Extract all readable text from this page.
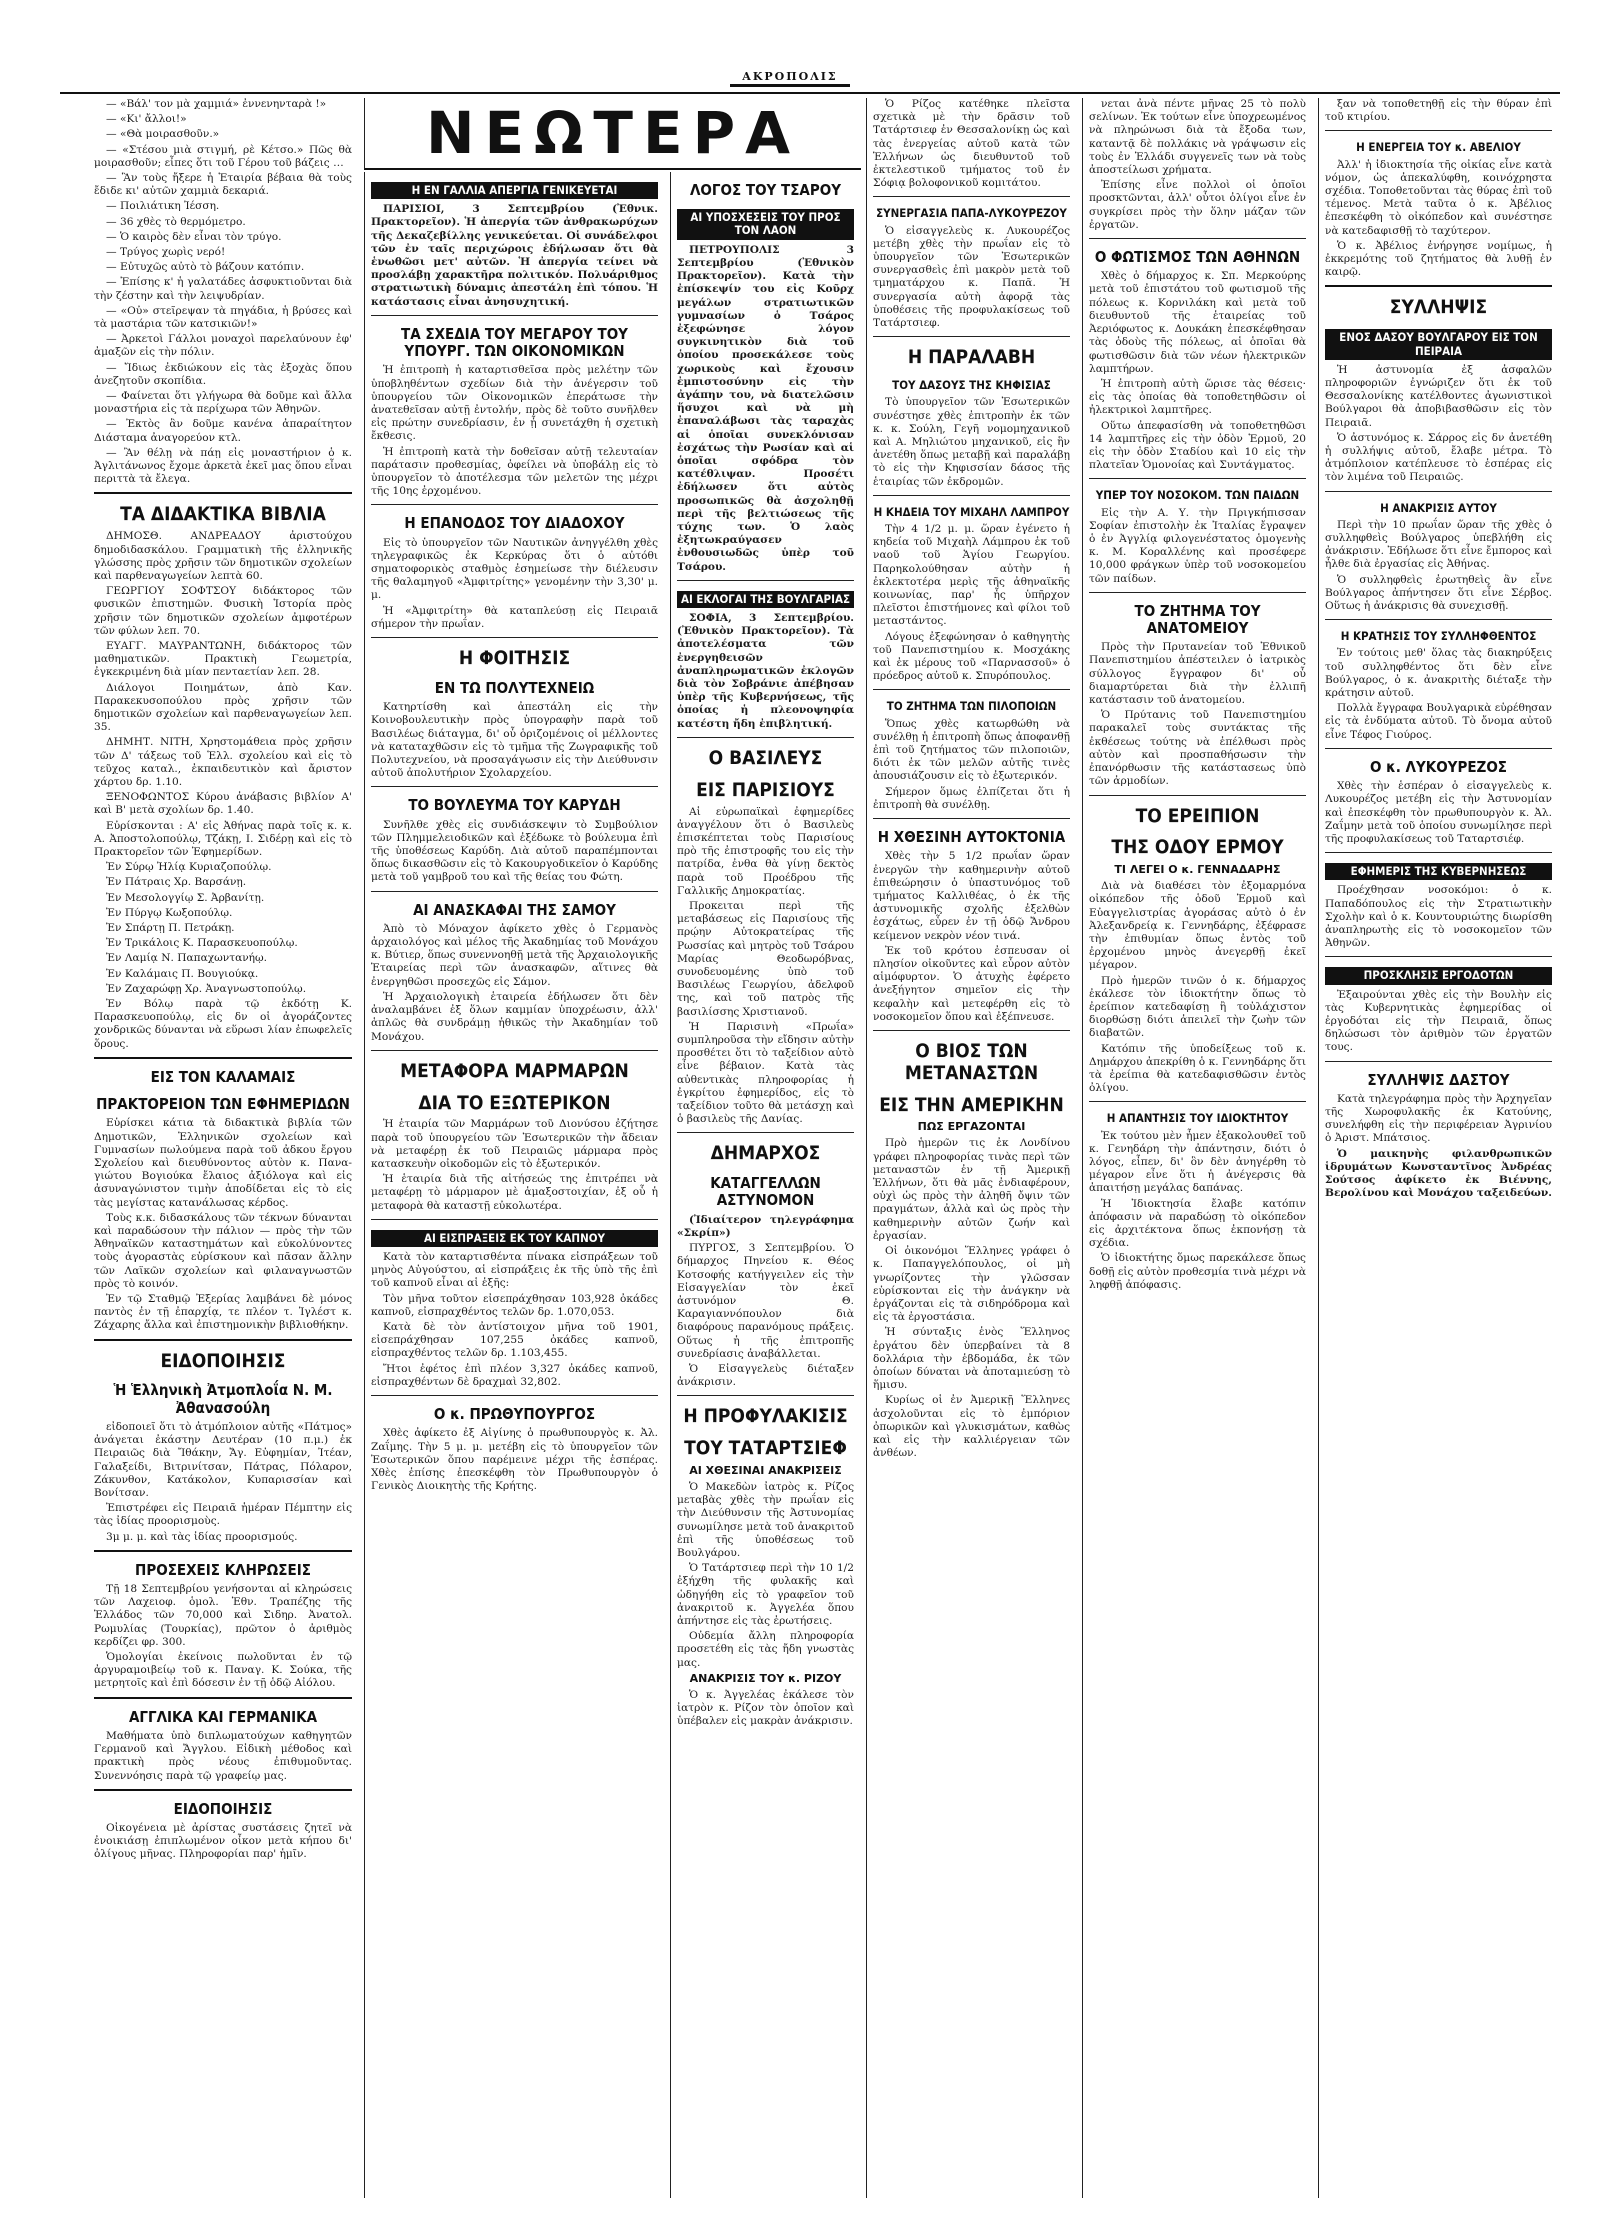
ΑΚΡΟΠΟΛΙΣ
— «Βάλ' τον μὰ χαμμιά» ἐννενηνταρὰ !»
— «Κι' ἄλλοι!»
— «Θὰ μοιρασθοῦν.»
— «Στέσου μιὰ στιγμή, ρὲ Κέτσο.» Πῶς θὰ μοιρασθοῦν; εἶπες ὅτι τοῦ Γέρου τοῦ βάζεις …
— Ἂν τοὺς ἤξερε ἡ Ἑταιρία βέβαια θὰ τοὺς ἔδιδε κι' αὐτῶν χαμμιὰ δεκαριά.
— Ποιλιάτικη Ἰέσση.
— 36 χθὲς τὸ θερμόμετρο.
— Ὁ καιρὸς δὲν εἶναι τὸν τρύγο.
— Τρύγος χωρὶς νερό!
— Εὐτυχῶς αὐτὸ τὸ βάζουν κατόπιν.
— Ἐπίσης κ' ἡ γαλατάδες ἀσφυκτιοῦνται διὰ τὴν ζέστην καὶ τὴν λειψυδρίαν.
— «Οὐ» στεῖρεψαν τὰ πηγάδια, ἡ βρύσες καὶ τὰ μαστάρια τῶν κατσικιῶν!»
— Ἀρκετοὶ Γάλλοι μοναχοὶ παρελαύνουν ἐφ' ἀμαξῶν εἰς τὴν πόλιν.
— Ἴδιως ἐκδιώκουν εἰς τὰς ἐξοχὰς ὅπου ἀνεζητοῦν σκοπίδια.
— Φαίνεται ὅτι γλήγωρα θὰ δοῦμε καὶ ἄλλα μοναστήρια εἰς τὰ περίχωρα τῶν Ἀθηνῶν.
— Ἐκτὸς ἂν δοῦμε κανένα ἀπαραίτητον Διάσταμα ἀναγορεύον κτλ.
— Ἂν θέλῃ νὰ πάῃ εἰς μοναστήριον ὁ κ. Ἀγλιτάνωνος ἔχομε ἀρκετὰ ἐκεῖ μας ὅπου εἶναι περιττὰ τὰ ἔλεγα.
ΤΑ ΔΙΔΑΚΤΙΚΑ ΒΙΒΛΙΑ
ΔΗΜΟΣΘ. ΑΝΔΡΕΑΔΟΥ ἀριστούχου δημοδιδασκάλου. Γραμματικὴ τῆς ἑλληνικῆς γλώσσης πρὸς χρῆσιν τῶν δημοτικῶν σχολείων καὶ παρθεναγωγείων λεπτὰ 60.
ΓΕΩΡΓΙΟΥ ΣΟΦΤΣΟΥ διδάκτορος τῶν φυσικῶν ἐπιστημῶν. Φυσικὴ Ἱστορία πρὸς χρῆσιν τῶν δημοτικῶν σχολείων ἀμφοτέρων τῶν φύλων λεπ. 70.
ΕΥΑΓΓ. ΜΑΥΡΑΝΤΩΝΗ, διδάκτορος τῶν μαθηματικῶν. Πρακτικὴ Γεωμετρία, ἐγκεκριμένη διὰ μίαν πενταετίαν λεπ. 28.
Διάλογοι Ποιημάτων, ἀπὸ Καν. Παρακεκυσοπούλου πρὸς χρῆσιν τῶν δημοτικῶν σχολείων καὶ παρθεναγωγείων λεπ. 35.
ΔΗΜΗΤ. ΝΙΤΗ, Χρηστομάθεια πρὸς χρῆσιν τῶν Δ' τάξεως τοῦ Ἑλλ. σχολείου καὶ εἰς τὸ τεῦχος καταλ., ἐκπαιδευτικὸν καὶ ἄριστον χάρτου δρ. 1.10.
ΞΕΝΟΦΩΝΤΟΣ Κύρου ἀνάβασις βιβλίον Α' καὶ Β' μετὰ σχολίων δρ. 1.40.
Εὐρίσκονται : Α' εἰς Ἀθήνας παρὰ τοῖς κ. κ. Α. Ἀποστολοπούλῳ, Τζάκῃ, Ι. Σιδέρῃ καὶ εἰς τὸ Πρακτορεῖον τῶν Ἐφημερίδων.
Ἐν Σύρῳ Ἠλίᾳ Κυριαζοπούλῳ.
Ἐν Πάτραις Χρ. Βαρσάνῃ.
Ἐν Μεσολογγίῳ Σ. Ἀρβανίτῃ.
Ἐν Πύργῳ Κωξοπούλῳ.
Ἐν Σπάρτῃ Π. Πετράκῃ.
Ἐν Τρικάλοις Κ. Παρασκευοπούλῳ.
Ἐν Λαμίᾳ Ν. Παπαχωντανήῳ.
Ἐν Καλάμαις Π. Βουγιούκᾳ.
Ἐν Ζαχαρώφῃ Χρ. Ἀναγνωστοπούλῳ.
Ἐν Βόλῳ παρὰ τῷ ἐκδότῃ Κ. Παρασκευοπούλῳ, εἰς δν οἱ ἀγοράζοντες χονδρικῶς δύνανται νὰ εὕρωσι λίαν ἐπωφελεῖς ὅρους.
ΕΙΣ ΤΟΝ ΚΑΛΑΜΑΙΣ
ΠΡΑΚΤΟΡΕΙΟΝ ΤΩΝ ΕΦΗΜΕΡΙΔΩΝ
Εὑρίσκει κάτια τὰ διδακτικὰ βιβλία τῶν Δημοτικῶν, Ἑλληνικῶν σχολείων καὶ Γυμνασίων πωλούμενα παρὰ τοῦ ἀδκου ἔργου Σχολείου καὶ διευθύνοντος αὐτὸν κ. Πανα- γιώτου Βογιούκα ἔλαιος ἀξιόλογα καὶ εἰς ἀσυναγώνιστον τιμὴν ἀποδίδεται εἰς τὸ εἰς τὰς μεγίστας κατανάλωσας κέρδος.
Τοὺς κ.κ. διδασκάλους τῶν τέκνων δύνανται καὶ παραδώσουν τὴν πάλιον — πρὸς τὴν τῶν Ἀθηναϊκῶν καταστημάτων καὶ εὐκολύνοντες τοὺς ἀγοραστὰς εὑρίσκουν καὶ πᾶσαν ἄλλην τῶν Λαϊκῶν σχολείων καὶ φιλαναγνωστῶν πρὸς τὸ κοινόν.
Ἐν τῷ Σταθμῷ Ἐξερίας λαμβάνει δὲ μόνος παντὸς ἐν τῇ ἐπαρχίᾳ, τε πλέον τ. Ἰγλέστ κ. Ζάχαρης ἄλλα καὶ ἐπιστημονικὴν βιβλιοθήκην.
ΕΙΔΟΠΟΙΗΣΙΣ
Ἡ Ἑλληνικὴ Ἀτμοπλοΐα Ν. Μ. Ἀθανασούλη
εἰδοποιεῖ ὅτι τὸ ἀτμόπλοιον αὐτῆς «Πάτμος» ἀνάγεται ἐκάστην Δευτέραν (10 π.μ.) ἐκ Πειραιῶς διὰ Ἴθάκην, Ἄγ. Εὐφημίαν, Ἰτέαν, Γαλαξείδι, Βιτρινίτσαν, Πάτρας, Πόλαρον, Ζάκυνθον, Κατάκολον, Κυπαρισσίαν καὶ Βονίτσαν.
Ἐπιστρέφει εἰς Πειραιᾶ ἡμέραν Πέμπτην εἰς τὰς ἰδίας προορισμοὺς.
3μ μ. μ. καὶ τὰς ἰδίας προορισμούς.
ΠΡΟΣΕΧΕΙΣ ΚΛΗΡΩΣΕΙΣ
Τῇ 18 Σεπτεμβρίου γενήσονται αἱ κληρώσεις τῶν Λαχειοφ. ὁμολ. Ἐθν. Τραπέζης τῆς Ἑλλάδος τῶν 70,000 καὶ Σιδηρ. Ἀνατολ. Ρωμυλίας (Τουρκίας), πρῶτον ὁ ἀριθμὸς κερδίζει φρ. 300.
Ὁμολογίαι ἐκείνοις πωλοῦνται ἐν τῷ ἀργυραμοιβείῳ τοῦ κ. Παναγ. Κ. Σούκα, τῆς μετρητοῖς καὶ ἐπὶ δόσεσιν ἐν τῇ ὁδῷ Αἰόλου.
ΑΓΓΛΙΚΑ ΚΑΙ ΓΕΡΜΑΝΙΚΑ
Μαθήματα ὑπὸ διπλωματούχων καθηγητῶν Γερμανοῦ καὶ Ἄγγλου. Εἰδικὴ μέθοδος καὶ πρακτικὴ πρὸς νέους ἐπιθυμοῦντας. Συνεννόησις παρὰ τῷ γραφείῳ μας.
ΕΙΔΟΠΟΙΗΣΙΣ
Οἰκογένεια μὲ ἀρίστας συστάσεις ζητεῖ νὰ ἐνοικιάσῃ ἐπιπλωμένον οἶκον μετὰ κήπου δι' ὀλίγους μῆνας. Πληροφορίαι παρ' ἡμῖν.
ΝΕΩΤΕΡΑ
Η ΕΝ ΓΑΛΛΙΑ ΑΠΕΡΓΙΑ ΓΕΝΙΚΕΥΕΤΑΙ
ΠΑΡΙΣΙΟΙ, 3 Σεπτεμβρίου (Ἐθνικ. Πρακτορεῖον). Ἡ ἀπεργία τῶν ἀνθρακωρύχων τῆς Δεκαζεβίλλης γενικεύεται. Οἱ συνάδελφοι τῶν ἐν ταῖς περιχώροις ἐδήλωσαν ὅτι θὰ ἑνωθῶσι μετ' αὐτῶν. Ἡ ἀπεργία τείνει νὰ προσλάβῃ χαρακτῆρα πολιτικόν. Πολυάριθμος στρατιωτικὴ δύναμις ἀπεστάλη ἐπὶ τόπου. Ἡ κατάστασις εἶναι ἀνησυχητική.
ΤΑ ΣΧΕΔΙΑ ΤΟΥ ΜΕΓΑΡΟΥ ΤΟΥ ΥΠΟΥΡΓ. ΤΩΝ ΟΙΚΟΝΟΜΙΚΩΝ
Ἡ ἐπιτροπὴ ἡ καταρτισθεῖσα πρὸς μελέτην τῶν ὑποβληθέντων σχεδίων διὰ τὴν ἀνέγερσιν τοῦ ὑπουργείου τῶν Οἰκονομικῶν ἐπεράτωσε τὴν ἀνατεθεῖσαν αὐτῇ ἐντολήν, πρὸς δὲ τοῦτο συνῆλθεν εἰς πρώτην συνεδρίασιν, ἐν ᾗ συνετάχθη ἡ σχετικὴ ἔκθεσις.
Ἡ ἐπιτροπὴ κατὰ τὴν δοθεῖσαν αὐτῇ τελευταίαν παράτασιν προθεσμίας, ὀφείλει νὰ ὑποβάλῃ εἰς τὸ ὑπουργεῖον τὸ ἀποτέλεσμα τῶν μελετῶν της μέχρι τῆς 10ης ἐρχομένου.
Η ΕΠΑΝΟΔΟΣ ΤΟΥ ΔΙΑΔΟΧΟΥ
Εἰς τὸ ὑπουργεῖον τῶν Ναυτικῶν ἀνηγγέλθη χθὲς τηλεγραφικῶς ἐκ Κερκύρας ὅτι ὁ αὐτόθι σηματοφορικὸς σταθμὸς ἐσημείωσε τὴν διέλευσιν τῆς θαλαμηγοῦ «Ἀμφιτρίτης» γενομένην τὴν 3,30' μ. μ.
Ἡ «Ἀμφιτρίτη» θὰ καταπλεύσῃ εἰς Πειραιᾶ σήμερον τὴν πρωΐαν.
Η ΦΟΙΤΗΣΙΣ
ΕΝ ΤΩ ΠΟΛΥΤΕΧΝΕΙΩ
Κατηρτίσθη καὶ ἀπεστάλη εἰς τὴν Κοινοβουλευτικὴν πρὸς ὑπογραφὴν παρὰ τοῦ Βασιλέως διάταγμα, δι' οὗ ὁριζομένοις οἱ μέλλοντες νὰ καταταχθῶσιν εἰς τὸ τμῆμα τῆς Ζωγραφικῆς τοῦ Πολυτεχνείου, νὰ προσαγάγωσιν εἰς τὴν Διεύθυνσιν αὐτοῦ ἀπολυτήριον Σχολαρχείου.
ΤΟ ΒΟΥΛΕΥΜΑ ΤΟΥ ΚΑΡΥΔΗ
Συνῆλθε χθὲς εἰς συνδιάσκεψιν τὸ Συμβούλιον τῶν Πλημμελειοδικῶν καὶ ἐξέδωκε τὸ βούλευμα ἐπὶ τῆς ὑποθέσεως Καρύδη. Διὰ αὐτοῦ παραπέμπονται ὅπως δικασθῶσιν εἰς τὸ Κακουργοδικεῖον ὁ Καρύδης μετὰ τοῦ γαμβροῦ του καὶ τῆς θείας του Φώτη.
ΑΙ ΑΝΑΣΚΑΦΑΙ ΤΗΣ ΣΑΜΟΥ
Ἀπὸ τὸ Μόναχον ἀφίκετο χθὲς ὁ Γερμανὸς ἀρχαιολόγος καὶ μέλος τῆς Ἀκαδημίας τοῦ Μονάχου κ. Βύτιερ, ὅπως συνεννοηθῇ μετὰ τῆς Ἀρχαιολογικῆς Ἑταιρείας περὶ τῶν ἀνασκαφῶν, αἵτινες θὰ ἐνεργηθῶσι προσεχῶς εἰς Σάμον.
Ἡ Ἀρχαιολογικὴ ἑταιρεία ἐδήλωσεν ὅτι δὲν ἀναλαμβάνει ἐξ ὅλων καμμίαν ὑποχρέωσιν, ἀλλ' ἁπλῶς θὰ συνδράμῃ ἠθικῶς τὴν Ἀκαδημίαν τοῦ Μονάχου.
ΜΕΤΑΦΟΡΑ ΜΑΡΜΑΡΩΝ
ΔΙΑ ΤΟ ΕΞΩΤΕΡΙΚΟΝ
Ἡ ἑταιρία τῶν Μαρμάρων τοῦ Διονύσου ἐζήτησε παρὰ τοῦ ὑπουργείου τῶν Ἐσωτερικῶν τὴν ἄδειαν νὰ μεταφέρῃ ἐκ τοῦ Πειραιῶς μάρμαρα πρὸς κατασκευὴν οἰκοδομῶν εἰς τὸ ἐξωτερικόν.
Ἡ ἑταιρία διὰ τῆς αἰτήσεώς της ἐπιτρέπει νὰ μεταφέρῃ τὸ μάρμαρον μὲ ἁμαξοστοιχίαν, ἐξ οὗ ἡ μεταφορὰ θὰ καταστῇ εὐκολωτέρα.
ΑΙ ΕΙΣΠΡΑΞΕΙΣ ΕΚ ΤΟΥ ΚΑΠΝΟΥ
Κατὰ τὸν καταρτισθέντα πίνακα εἰσπράξεων τοῦ μηνὸς Αὐγούστου, αἱ εἰσπράξεις ἐκ τῆς ὑπὸ τῆς ἐπὶ τοῦ καπνοῦ εἶναι αἱ ἑξῆς:
Τὸν μῆνα τοῦτον εἰσεπράχθησαν 103,928 ὀκάδες καπνοῦ, εἰσπραχθέντος τελῶν δρ. 1.070,053.
Κατὰ δὲ τὸν ἀντίστοιχον μῆνα τοῦ 1901, εἰσεπράχθησαν 107,255 ὀκάδες καπνοῦ, εἰσπραχθέντος τελῶν δρ. 1.103,455.
Ἤτοι ἐφέτος ἐπὶ πλέον 3,327 ὀκάδες καπνοῦ, εἰσπραχθέντων δὲ δραχμαὶ 32,802.
Ο κ. ΠΡΩΘΥΠΟΥΡΓΟΣ
Χθὲς ἀφίκετο ἐξ Αἰγίνης ὁ πρωθυπουργὸς κ. Ἀλ. Ζαΐμης. Τὴν 5 μ. μ. μετέβη εἰς τὸ ὑπουργεῖον τῶν Ἐσωτερικῶν ὅπου παρέμεινε μέχρι τῆς ἑσπέρας. Χθὲς ἐπίσης ἐπεσκέφθη τὸν Πρωθυπουργὸν ὁ Γενικὸς Διοικητὴς τῆς Κρήτης.
ΛΟΓΟΣ ΤΟΥ ΤΣΑΡΟΥ
ΑΙ ΥΠΟΣΧΕΣΕΙΣ ΤΟΥ ΠΡΟΣ ΤΟΝ ΛΑΟΝ
ΠΕΤΡΟΥΠΟΛΙΣ 3 Σεπτεμβρίου (Ἐθνικὸν Πρακτορεῖον). Κατὰ τὴν ἐπίσκεψίν του εἰς Κοῦρχ μεγάλων στρατιωτικῶν γυμνασίων ὁ Τσάρος ἐξεφώνησε λόγον συγκινητικὸν διὰ τοῦ ὁποίου προσεκάλεσε τοὺς χωρικοὺς καὶ ἔχουσιν ἐμπιστοσύνην εἰς τὴν ἀγάπην του, νὰ διατελῶσιν ἥσυχοι καὶ νὰ μὴ ἐπαναλάβωσι τὰς ταραχὰς αἱ ὁποῖαι συνεκλόνισαν ἐσχάτως τὴν Ρωσίαν καὶ αἱ ὁποῖαι σφόδρα τὸν κατέθλιψαν. Προσέτι ἐδήλωσεν ὅτι αὐτὸς προσωπικῶς θὰ ἀσχοληθῇ περὶ τῆς βελτιώσεως τῆς τύχης των. Ὁ λαὸς ἐξητωκραύγασεν ἐνθουσιωδῶς ὑπὲρ τοῦ Τσάρου.
ΑΙ ΕΚΛΟΓΑΙ ΤΗΣ ΒΟΥΛΓΑΡΙΑΣ
ΣΟΦΙΑ, 3 Σεπτεμβρίου. (Ἐθνικὸν Πρακτορεῖον). Τὰ ἀποτελέσματα τῶν ἐνεργηθεισῶν ἀναπληρωματικῶν ἐκλογῶν διὰ τὸν Σοβράνιε ἀπέβησαν ὑπὲρ τῆς Κυβερνήσεως, τῆς ὁποίας ἡ πλεονοψηφία κατέστη ἤδη ἐπιβλητική.
Ο ΒΑΣΙΛΕΥΣ
ΕΙΣ ΠΑΡΙΣΙΟΥΣ
Αἱ εὐρωπαϊκαὶ ἐφημερίδες ἀναγγέλουν ὅτι ὁ Βασιλεὺς ἐπισκέπτεται τοὺς Παρισίους πρὸ τῆς ἐπιστροφῆς του εἰς τὴν πατρίδα, ἐνθα θὰ γίνῃ δεκτὸς παρὰ τοῦ Προέδρου τῆς Γαλλικῆς Δημοκρατίας.
Προκειται περὶ τῆς μεταβάσεως εἰς Παρισίους τῆς πρῴην Αὐτοκρατείρας τῆς Ρωσσίας καὶ μητρὸς τοῦ Τσάρου Μαρίας Θεοδωρόβνας, συνοδευομένης ὑπὸ τοῦ Βασιλέως Γεωργίου, ἀδελφοῦ της, καὶ τοῦ πατρὸς τῆς βασιλίσσης Χριστιανοῦ.
Ἡ Παρισινὴ «Πρωΐα» συμπληροῦσα τὴν εἴδησιν αὐτὴν προσθέτει ὅτι τὸ ταξείδιον αὐτὸ εἶνε βέβαιον. Κατὰ τὰς αὐθεντικὰς πληροφορίας ἡ ἐγκρίτου ἐφημερίδος, εἰς τὸ ταξείδιον τοῦτο θὰ μετάσχῃ καὶ ὁ βασιλεὺς τῆς Δανίας.
ΔΗΜΑΡΧΟΣ
ΚΑΤΑΓΓΕΛΛΩΝ ΑΣΤΥΝΟΜΟΝ
(Ἰδιαίτερον τηλεγράφημα «Σκρίπ»)
ΠΥΡΓΟΣ, 3 Σεπτεμβρίου. Ὁ δήμαρχος Πηνείου κ. Θέος Κοτσοφής κατήγγειλεν εἰς τὴν Εἰσαγγελίαν τὸν ἐκεῖ ἀστυνόμον Θ. Καραγιαννόπουλον διὰ διαφόρους παρανόμους πράξεις. Οὕτως ἡ τῆς ἐπιτροπῆς συνεδρίασις ἀναβάλλεται.
Ὁ Εἰσαγγελεὺς διέταξεν ἀνάκρισιν.
Η ΠΡΟΦΥΛΑΚΙΣΙΣ
ΤΟΥ ΤΑΤΑΡΤΣΙΕΦ
ΑΙ ΧΘΕΣΙΝΑΙ ΑΝΑΚΡΙΣΕΙΣ
Ὁ Μακεδὼν ἰατρὸς κ. Ρίζος μεταβὰς χθὲς τὴν πρωΐαν εἰς τὴν Διεύθυνσιν τῆς Ἀστυνομίας συνωμίλησε μετὰ τοῦ ἀνακριτοῦ ἐπὶ τῆς ὑποθέσεως τοῦ Βουλγάρου.
Ὁ Τατάρτσιεφ περὶ τὴν 10 1/2 ἐξήχθη τῆς φυλακῆς καὶ ὡδηγήθη εἰς τὸ γραφεῖον τοῦ ἀνακριτοῦ κ. Ἀγγελέα ὅπου ἀπήντησε εἰς τὰς ἐρωτήσεις.
Οὐδεμία ἄλλη πληροφορία προσετέθη εἰς τὰς ἤδη γνωστὰς μας.
ΑΝΑΚΡΙΣΙΣ ΤΟΥ κ. ΡΙΖΟΥ
Ὁ κ. Ἀγγελέας ἐκάλεσε τὸν ἰατρὸν κ. Ρίζον τὸν ὁποῖον καὶ ὑπέβαλεν εἰς μακρὰν ἀνάκρισιν.
Ὁ Ρίζος κατέθηκε πλεῖστα σχετικὰ μὲ τὴν δρᾶσιν τοῦ Τατάρτσιεφ ἐν Θεσσαλονίκῃ ὡς καὶ τὰς ἐνεργείας αὐτοῦ κατὰ τῶν Ἑλλήνων ὡς διευθυντοῦ τοῦ ἐκτελεστικοῦ τμήματος τοῦ ἐν Σόφιᾳ βολοφονικοῦ κομιτάτου.
ΣΥΝΕΡΓΑΣΙΑ ΠΑΠΑ-ΛΥΚΟΥΡΕΖΟΥ
Ὁ εἰσαγγελεὺς κ. Λυκουρέζος μετέβη χθὲς τὴν πρωΐαν εἰς τὸ ὑπουργεῖον τῶν Ἐσωτερικῶν συνεργασθεὶς ἐπὶ μακρὸν μετὰ τοῦ τμηματάρχου κ. Παπᾶ. Ἡ συνεργασία αὐτὴ ἀφορᾷ τὰς ὑποθέσεις τῆς προφυλακίσεως τοῦ Τατάρτσιεφ.
Η ΠΑΡΑΛΑΒΗ
ΤΟΥ ΔΑΣΟΥΣ ΤΗΣ ΚΗΦΙΣΙΑΣ
Τὸ ὑπουργεῖον τῶν Ἐσωτερικῶν συνέστησε χθὲς ἐπιτροπὴν ἐκ τῶν κ. κ. Σούλη, Γεγῆ νομομηχανικοῦ καὶ Α. Μηλιώτου μηχανικοῦ, εἰς ἣν ἀνετέθη ὅπως μεταβῇ καὶ παραλάβῃ τὸ εἰς τὴν Κηφισσίαν δάσος τῆς ἑταιρίας τῶν ἐκδρομῶν.
Η ΚΗΔΕΙΑ ΤΟΥ ΜΙΧΑΗΛ ΛΑΜΠΡΟΥ
Τὴν 4 1/2 μ. μ. ὥραν ἐγένετο ἡ κηδεία τοῦ Μιχαὴλ Λάμπρου ἐκ τοῦ ναοῦ τοῦ Ἁγίου Γεωργίου. Παρηκολούθησαν αὐτὴν ἡ ἐκλεκτοτέρα μερὶς τῆς ἀθηναϊκῆς κοινωνίας, παρ' ἧς ὑπῆρχον πλεῖστοι ἐπιστήμονες καὶ φίλοι τοῦ μεταστάντος.
Λόγους ἐξεφώνησαν ὁ καθηγητὴς τοῦ Πανεπιστημίου κ. Μοσχάκης καὶ ἐκ μέρους τοῦ «Παρνασσοῦ» ὁ πρόεδρος αὐτοῦ κ. Σπυρόπουλος.
ΤΟ ΖΗΤΗΜΑ ΤΩΝ ΠΙΛΟΠΟΙΩΝ
Ὅπως χθὲς κατωρθώθη νὰ συνέλθῃ ἡ ἐπιτροπὴ ὅπως ἀποφανθῇ ἐπὶ τοῦ ζητήματος τῶν πιλοποιῶν, διότι ἐκ τῶν μελῶν αὐτῆς τινὲς ἀπουσιάζουσιν εἰς τὸ ἐξωτερικόν.
Σήμερον ὅμως ἐλπίζεται ὅτι ἡ ἐπιτροπὴ θὰ συνέλθῃ.
Η ΧΘΕΣΙΝΗ ΑΥΤΟΚΤΟΝΙΑ
Χθὲς τὴν 5 1/2 πρωΐαν ὥραν ἐνεργῶν τὴν καθημερινὴν αὐτοῦ ἐπιθεώρησιν ὁ ὑπαστυνόμος τοῦ τμήματος Καλλιθέας, ὁ ἐκ τῆς ἀστυνομικῆς σχολῆς ἐξελθὼν ἐσχάτως, εὗρεν ἐν τῇ ὁδῷ Ἄνδρου κείμενον νεκρὸν νέον τινά.
Ἐκ τοῦ κρότου ἐσπευσαν οἱ πλησίον οἰκοῦντες καὶ εὗρον αὐτὸν αἱμόφυρτον. Ὁ ἀτυχὴς ἐφέρετο ἀνεξήγητον σημεῖον εἰς τὴν κεφαλὴν καὶ μετεφέρθη εἰς τὸ νοσοκομεῖον ὅπου καὶ ἐξέπνευσε.
Ο ΒΙΟΣ ΤΩΝ ΜΕΤΑΝΑΣΤΩΝ
ΕΙΣ ΤΗΝ ΑΜΕΡΙΚΗΝ
ΠΩΣ ΕΡΓΑΖΟΝΤΑΙ
Πρὸ ἡμερῶν τις ἐκ Λονδίνου γράφει πληροφορίας τινὰς περὶ τῶν μεταναστῶν ἐν τῇ Ἀμερικῇ Ἑλλήνων, ὅτι θὰ μᾶς ἐνδιαφέρουν, οὐχὶ ὡς πρὸς τὴν ἀληθῆ ὄψιν τῶν πραγμάτων, ἀλλὰ καὶ ὡς πρὸς τὴν καθημερινὴν αὐτῶν ζωήν καὶ ἐργασίαν.
Οἱ ὀικονόμοι Ἕλληνες γράφει ὁ κ. Παπαγγελόπουλος, οἱ μὴ γνωρίζοντες τὴν γλῶσσαν εὑρίσκονται εἰς τὴν ἀνάγκην νὰ ἐργάζονται εἰς τὰ σιδηρόδρομα καὶ εἰς τὰ ἐργοστάσια.
Ἡ σύνταξις ἑνὸς Ἕλληνος ἐργάτου δὲν ὑπερβαίνει τὰ 8 δολλάρια τὴν ἑβδομάδα, ἐκ τῶν ὁποίων δύναται νὰ ἀποταμιεύσῃ τὸ ἥμισυ.
Κυρίως οἱ ἐν Ἀμερικῇ Ἕλληνες ἀσχολοῦνται εἰς τὸ ἐμπόριον ὀπωρικῶν καὶ γλυκισμάτων, καθὼς καὶ εἰς τὴν καλλιέργειαν τῶν ἀνθέων.
νεται ἀνὰ πέντε μῆνας 25 τὸ πολὺ σελίνων. Ἐκ τούτων εἶνε ὑποχρεωμένος νὰ πληρώνωσι διὰ τὰ ἔξοδα των, καταντᾷ δὲ πολλάκις νὰ γράψωσιν εἰς τοὺς ἐν Ἑλλάδι συγγενεῖς των νὰ τοὺς ἀποστείλωσι χρήματα.
Ἐπίσης εἶνε πολλοὶ οἱ ὁποῖοι προσκτῶνται, ἀλλ' οὗτοι ὀλίγοι εἶνε ἐν συγκρίσει πρὸς τὴν ὅλην μάζαν τῶν ἐργατῶν.
Ο ΦΩΤΙΣΜΟΣ ΤΩΝ ΑΘΗΝΩΝ
Χθὲς ὁ δήμαρχος κ. Σπ. Μερκούρης μετὰ τοῦ ἐπιστάτου τοῦ φωτισμοῦ τῆς πόλεως κ. Κορνιλάκη καὶ μετὰ τοῦ διευθυντοῦ τῆς ἑταιρείας τοῦ Ἀεριόφωτος κ. Δουκάκη ἐπεσκέφθησαν τὰς ὁδοὺς τῆς πόλεως, αἱ ὁποῖαι θὰ φωτισθῶσιν διὰ τῶν νέων ἠλεκτρικῶν λαμπτήρων.
Ἡ ἐπιτροπὴ αὐτὴ ὥρισε τὰς θέσεις· εἰς τὰς ὁποίας θὰ τοποθετηθῶσιν οἱ ἠλεκτρικοὶ λαμπτῆρες.
Οὕτω ἀπεφασίσθη νὰ τοποθετηθῶσι 14 λαμπτῆρες εἰς τὴν ὁδὸν Ἑρμοῦ, 20 εἰς τὴν ὁδὸν Σταδίου καὶ 10 εἰς τὴν πλατεῖαν Ὁμονοίας καὶ Συντάγματος.
ΥΠΕΡ ΤΟΥ ΝΟΣΟΚΟΜ. ΤΩΝ ΠΑΙΔΩΝ
Εἰς τὴν Α. Υ. τὴν Πριγκήπισσαν Σοφίαν ἐπιστολὴν ἐκ Ἰταλίας ἔγραψεν ὁ ἐν Ἀγγλίᾳ φιλογενέστατος ὁμογενὴς κ. Μ. Κοραλλένης καὶ προσέφερε 10,000 φράγκων ὑπὲρ τοῦ νοσοκομείου τῶν παίδων.
ΤΟ ΖΗΤΗΜΑ ΤΟΥ ΑΝΑΤΟΜΕΙΟΥ
Πρὸς τὴν Πρυτανείαν τοῦ Ἐθνικοῦ Πανεπιστημίου ἀπέστειλεν ὁ ἰατρικὸς σύλλογος ἔγγραφον δι' οὗ διαμαρτύρεται διὰ τὴν ἐλλιπῆ κατάστασιν τοῦ ἀνατομείου.
Ὁ Πρύτανις τοῦ Πανεπιστημίου παρακαλεῖ τοὺς συντάκτας τῆς ἐκθέσεως τούτης νὰ ἐπέλθωσι πρὸς αὐτὸν καὶ προσπαθήσωσιν τὴν ἐπανόρθωσιν τῆς κατάστασεως ὑπὸ τῶν ἀρμοδίων.
ΤΟ ΕΡΕΙΠΙΟΝ
ΤΗΣ ΟΔΟΥ ΕΡΜΟΥ
ΤΙ ΛΕΓΕΙ Ο κ. ΓΕΝΝΑΔΑΡΗΣ
Διὰ νὰ διαθέσει τὸν ἐξομαρμόνα οἰκόπεδον τῆς ὁδοῦ Ἑρμοῦ καὶ Εὐαγγελιστρίας ἀγοράσας αὐτὸ ὁ ἐν Ἀλεξανδρείᾳ κ. Γεννηδάρης, ἐξέφρασε τὴν ἐπιθυμίαν ὅπως ἐντὸς τοῦ ἐρχομένου μηνὸς ἀνεγερθῇ ἐκεῖ μέγαρον.
Πρὸ ἡμερῶν τινῶν ὁ κ. δήμαρχος ἐκάλεσε τὸν ἰδιοκτήτην ὅπως τὸ ἐρείπιον κατεδαφίσῃ ἢ τοὐλάχιστον διορθώσῃ διότι ἀπειλεῖ τὴν ζωὴν τῶν διαβατῶν.
Κατόπιν τῆς ὑποδείξεως τοῦ κ. Δημάρχου ἀπεκρίθη ὁ κ. Γεννηδάρης ὅτι τὰ ἐρείπια θὰ κατεδαφισθῶσιν ἐντὸς ὀλίγου.
Η ΑΠΑΝΤΗΣΙΣ ΤΟΥ ΙΔΙΟΚΤΗΤΟΥ
Ἐκ τούτου μὲν ἦμεν ἐξακολουθεῖ τοῦ κ. Γενηδάρη τὴν ἀπάντησιν, διότι ὁ λόγος, εἶπεν, δι' ὃν δὲν ἀνηγέρθη τὸ μέγαρον εἶνε ὅτι ἡ ἀνέγερσις θὰ ἀπαιτήσῃ μεγάλας δαπάνας.
Ἡ Ἰδιοκτησία ἔλαβε κατόπιν ἀπόφασιν νὰ παραδώσῃ τὸ οἰκόπεδον εἰς ἀρχιτέκτονα ὅπως ἐκπονήσῃ τὰ σχέδια.
Ὁ ἰδιοκτήτης ὅμως παρεκάλεσε ὅπως δοθῇ εἰς αὐτὸν προθεσμία τινὰ μέχρι νὰ ληφθῇ ἀπόφασις.
ξαν νὰ τοποθετηθῇ εἰς τὴν θύραν ἐπὶ τοῦ κτιρίου.
Η ΕΝΕΡΓΕΙΑ ΤΟΥ κ. ΑΒΕΛΙΟΥ
Ἀλλ' ἡ ἰδιοκτησία τῆς οἰκίας εἶνε κατὰ νόμον, ὡς ἀπεκαλύφθη, κοινόχρηστα σχέδια. Τοποθετοῦνται τὰς θύρας ἐπὶ τοῦ τέμενος. Μετὰ ταῦτα ὁ κ. Ἀβέλιος ἐπεσκέφθη τὸ οἰκόπεδον καὶ συνέστησε νὰ κατεδαφισθῇ τὸ ταχύτερον.
Ὁ κ. Ἀβέλιος ἐνήργησε νομίμως, ἡ ἐκκρεμότης τοῦ ζητήματος θὰ λυθῇ ἐν καιρῷ.
ΣΥΛΛΗΨΙΣ
ΕΝΟΣ ΔΑΣΟΥ ΒΟΥΛΓΑΡΟΥ ΕΙΣ ΤΟΝ ΠΕΙΡΑΙΑ
Ἡ ἀστυνομία ἐξ ἀσφαλῶν πληροφοριῶν ἐγνώριζεν ὅτι ἐκ τοῦ Θεσσαλονίκης κατέλθοντες ἀγωνιστικοὶ Βούλγαροι θὰ ἀποβιβασθῶσιν εἰς τὸν Πειραιᾶ.
Ὁ ἀστυνόμος κ. Σάρρος εἰς δν ἀνετέθη ἡ συλλήψις αὐτοῦ, ἔλαβε μέτρα. Τὸ ἀτμόπλοιον κατέπλευσε τὸ ἑσπέρας εἰς τὸν λιμένα τοῦ Πειραιῶς.
Η ΑΝΑΚΡΙΣΙΣ ΑΥΤΟΥ
Περὶ τὴν 10 πρωΐαν ὥραν τῆς χθὲς ὁ συλληφθεὶς Βούλγαρος ὑπεβλήθη εἰς ἀνάκρισιν. Ἐδήλωσε ὅτι εἶνε ἔμπορος καὶ ἦλθε διὰ ἐργασίας εἰς Ἀθήνας.
Ὁ συλληφθεὶς ἐρωτηθεὶς ἂν εἶνε Βούλγαρος ἀπήντησεν ὅτι εἶνε Σέρβος. Οὕτως ἡ ἀνάκρισις θὰ συνεχισθῇ.
Η ΚΡΑΤΗΣΙΣ ΤΟΥ ΣΥΛΛΗΦΘΕΝΤΟΣ
Ἐν τούτοις μεθ' ὅλας τὰς διακηρύξεις τοῦ συλληφθέντος ὅτι δὲν εἶνε Βούλγαρος, ὁ κ. ἀνακριτὴς διέταξε τὴν κράτησιν αὐτοῦ.
Πολλὰ ἔγγραφα Βουλγαρικὰ εὑρέθησαν εἰς τὰ ἐνδύματα αὐτοῦ. Τὸ ὄνομα αὐτοῦ εἶνε Τέφος Γιούρος.
Ο κ. ΛΥΚΟΥΡΕΖΟΣ
Χθὲς τὴν ἑσπέραν ὁ εἰσαγγελεὺς κ. Λυκουρέζος μετέβη εἰς τὴν Ἀστυνομίαν καὶ ἐπεσκέφθη τὸν πρωθυπουργὸν κ. Ἀλ. Ζαΐμην μετὰ τοῦ ὁποίου συνωμίλησε περὶ τῆς προφυλακίσεως τοῦ Ταταρτσιέφ.
ΕΦΗΜΕΡΙΣ ΤΗΣ ΚΥΒΕΡΝΗΣΕΩΣ
Προέχθησαν νοσοκόμοι: ὁ κ. Παπαδόπουλος εἰς τὴν Στρατιωτικὴν Σχολὴν καὶ ὁ κ. Κουντουριώτης διωρίσθη ἀναπληρωτὴς εἰς τὸ νοσοκομεῖον τῶν Ἀθηνῶν.
ΠΡΟΣΚΛΗΣΙΣ ΕΡΓΟΔΟΤΩΝ
Ἐξαιρούνται χθὲς εἰς τὴν Βουλὴν εἰς τὰς Κυβερνητικὰς ἐφημερίδας οἱ ἐργοδόται εἰς τὴν Πειραιᾶ, ὅπως δηλώσωσι τὸν ἀριθμὸν τῶν ἐργατῶν τους.
ΣΥΛΛΗΨΙΣ ΔΑΣΤΟΥ
Κατὰ τηλεγράφημα πρὸς τὴν Ἀρχηγεῖαν τῆς Χωροφυλακῆς ἐκ Κατούνης, συνελήφθη εἰς τὴν περιφέρειαν Ἀγρινίου ὁ Ἀριστ. Μπάτσιος.
Ὁ μαικηνὴς φιλανθρωπικῶν ἱδρυμάτων Κωνσταντῖνος Ἀνδρέας Σούτσος ἀφίκετο ἐκ Βιέννης, Βερολίνου καὶ Μονάχου ταξειδεύων.
